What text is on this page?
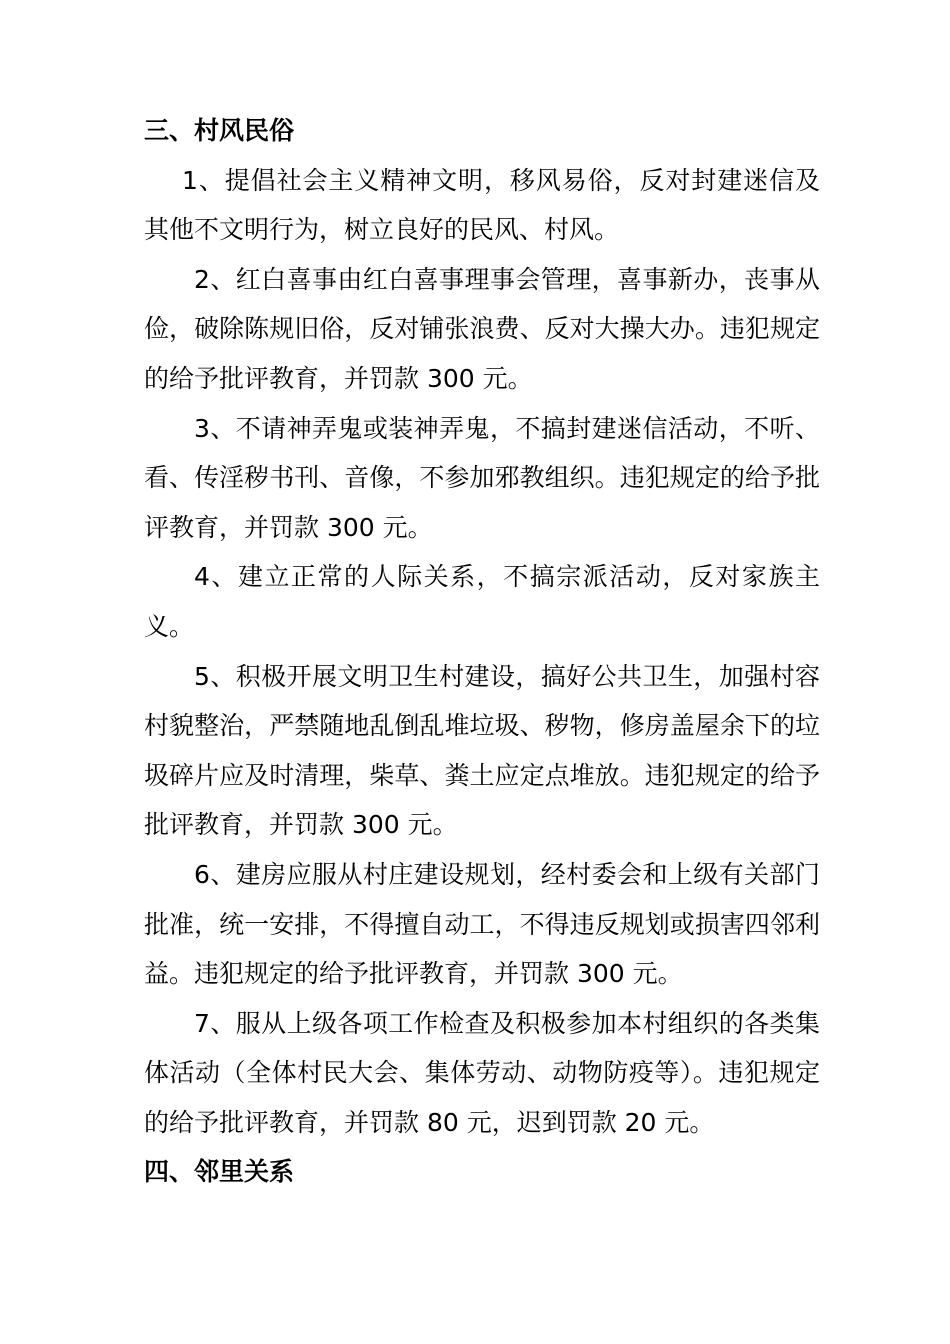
三、村风民俗

1、提倡社会主义精神文明，移风易俗，反对封建迷信及其他不文明行为，树立良好的民风、村风。

2、红白喜事由红白喜事理事会管理，喜事新办，丧事从俭，破除陈规旧俗，反对铺张浪费、反对大操大办。违犯规定的给予批评教育，并罚款 300 元。

3、不请神弄鬼或装神弄鬼，不搞封建迷信活动，不听、看、传淫秽书刊、音像，不参加邪教组织。违犯规定的给予批评教育，并罚款 300 元。

4、建立正常的人际关系，不搞宗派活动，反对家族主义。

5、积极开展文明卫生村建设，搞好公共卫生，加强村容村貌整治，严禁随地乱倒乱堆垃圾、秽物，修房盖屋余下的垃圾碎片应及时清理，柴草、粪土应定点堆放。违犯规定的给予批评教育，并罚款 300 元。

6、建房应服从村庄建设规划，经村委会和上级有关部门批准，统一安排，不得擅自动工，不得违反规划或损害四邻利益。违犯规定的给予批评教育，并罚款 300 元。

7、服从上级各项工作检查及积极参加本村组织的各类集体活动（全体村民大会、集体劳动、动物防疫等）。违犯规定的给予批评教育，并罚款 80 元，迟到罚款 20 元。

四、邻里关系
